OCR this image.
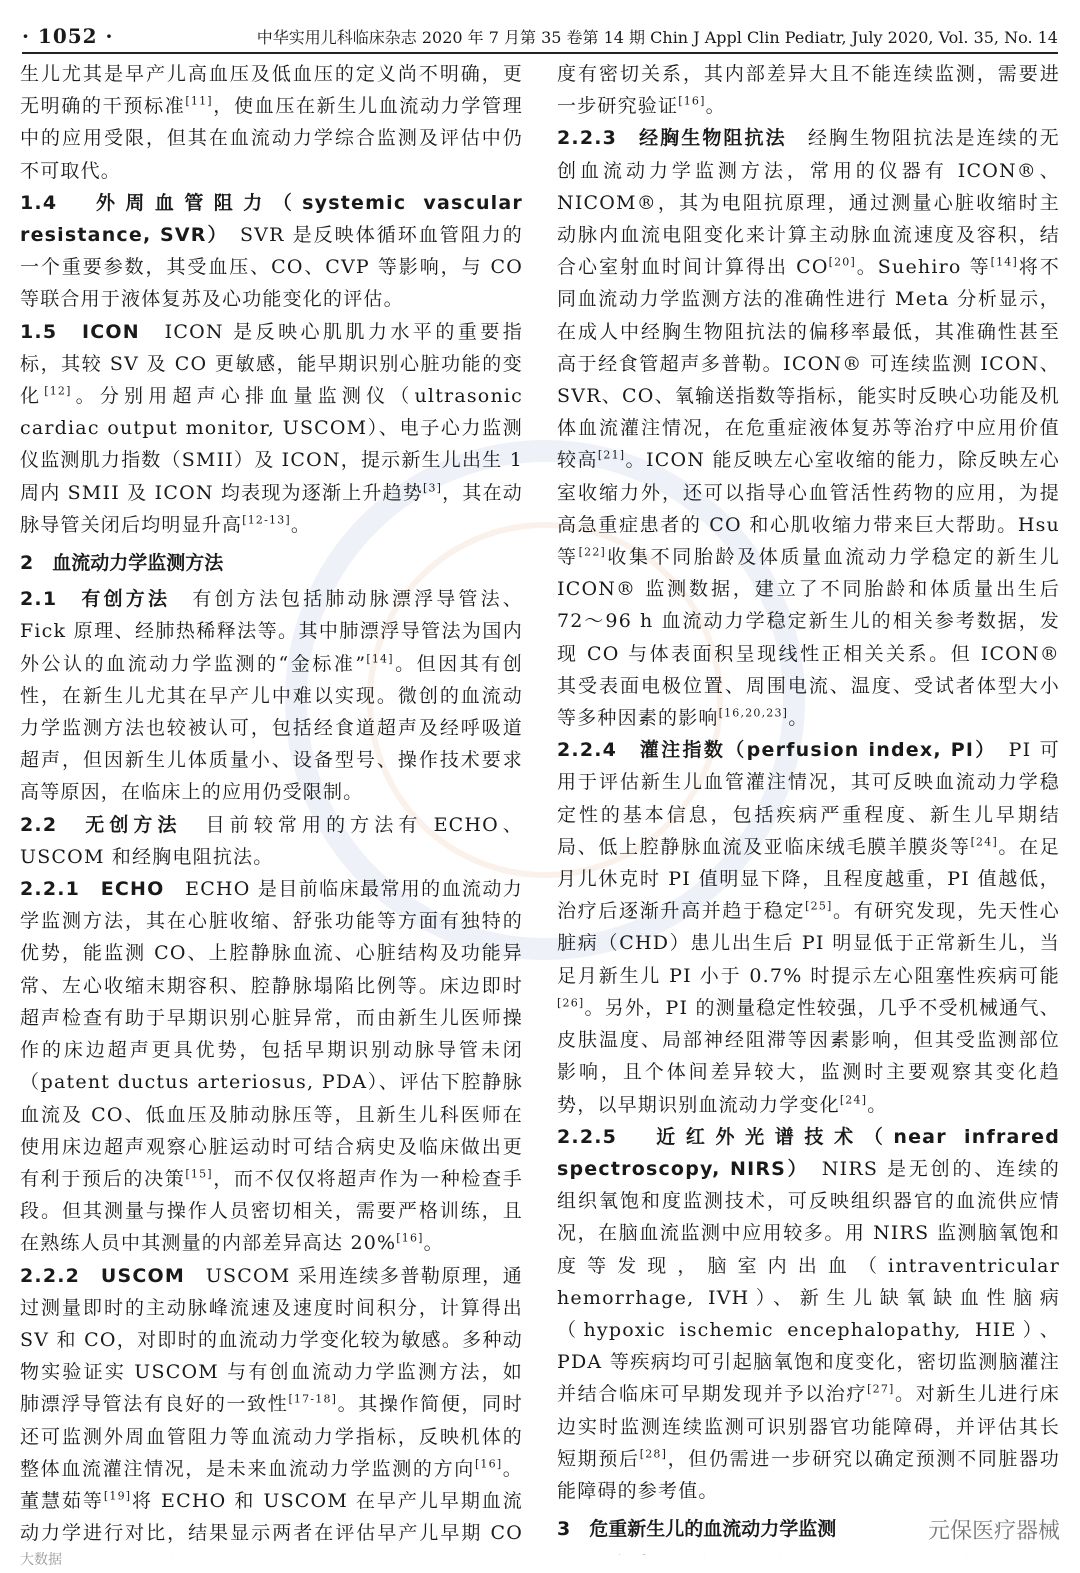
· 1052 ·	中华实用儿科临床杂志 2020 年 7 月第 35 卷第 14 期 Chin J Appl Clin Pediatr, July 2020, Vol. 35, No. 14

生儿尤其是早产儿高血压及低血压的定义尚不明确，更无明确的干预标准[11]，使血压在新生儿血流动力学管理中的应用受限，但其在血流动力学综合监测及评估中仍不可取代。

1.4　外周血管阻力（systemic vascular resistance, SVR）　 SVR 是反映体循环血管阻力的一个重要参数，其受血压、CO、CVP 等影响，与 CO 等联合用于液体复苏及心功能变化的评估。

1.5　ICON　 ICON 是反映心肌肌力水平的重要指标，其较 SV 及 CO 更敏感，能早期识别心脏功能的变化[12]。分别用超声心排血量监测仪（ultrasonic cardiac output monitor, USCOM）、电子心力监测仪监测肌力指数（SMII）及 ICON，提示新生儿出生 1 周内 SMII 及 ICON 均表现为逐渐上升趋势[3]，其在动脉导管关闭后均明显升高[12-13]。

2　血流动力学监测方法

2.1　有创方法　 有创方法包括肺动脉漂浮导管法、Fick 原理、经肺热稀释法等。其中肺漂浮导管法为国内外公认的血流动力学监测的“金标准”[14]。但因其有创性，在新生儿尤其在早产儿中难以实现。微创的血流动力学监测方法也较被认可，包括经食道超声及经呼吸道超声，但因新生儿体质量小、设备型号、操作技术要求高等原因，在临床上的应用仍受限制。

2.2　无创方法　 目前较常用的方法有 ECHO、USCOM 和经胸电阻抗法。

2.2.1　ECHO　 ECHO 是目前临床最常用的血流动力学监测方法，其在心脏收缩、舒张功能等方面有独特的优势，能监测 CO、上腔静脉血流、心脏结构及功能异常、左心收缩末期容积、腔静脉塌陷比例等。床边即时超声检查有助于早期识别心脏异常，而由新生儿医师操作的床边超声更具优势，包括早期识别动脉导管未闭（patent ductus arteriosus, PDA）、评估下腔静脉血流及 CO、低血压及肺动脉压等，且新生儿科医师在使用床边超声观察心脏运动时可结合病史及临床做出更有利于预后的决策[15]，而不仅仅将超声作为一种检查手段。但其测量与操作人员密切相关，需要严格训练，且在熟练人员中其测量的内部差异高达 20%[16]。

2.2.2　USCOM　 USCOM 采用连续多普勒原理，通过测量即时的主动脉峰流速及速度时间积分，计算得出 SV 和 CO，对即时的血流动力学变化较为敏感。多种动物实验证实 USCOM 与有创血流动力学监测方法，如肺漂浮导管法有良好的一致性[17-18]。其操作简便，同时还可监测外周血管阻力等血流动力学指标，反映机体的整体血流灌注情况，是未来血流动力学监测的方向[16]。董慧茹等[19]将 ECHO 和 USCOM 在早产儿早期血流动力学进行对比，结果显示两者在评估早产儿早期 CO

度有密切关系，其内部差异大且不能连续监测，需要进一步研究验证[16]。

2.2.3　经胸生物阻抗法　 经胸生物阻抗法是连续的无创血流动力学监测方法，常用的仪器有 ICON®、NICOM®，其为电阻抗原理，通过测量心脏收缩时主动脉内血流电阻变化来计算主动脉血流速度及容积，结合心室射血时间计算得出 CO[20]。Suehiro 等[14]将不同血流动力学监测方法的准确性进行 Meta 分析显示，在成人中经胸生物阻抗法的偏移率最低，其准确性甚至高于经食管超声多普勒。ICON® 可连续监测 ICON、SVR、CO、氧输送指数等指标，能实时反映心功能及机体血流灌注情况，在危重症液体复苏等治疗中应用价值较高[21]。ICON 能反映左心室收缩的能力，除反映左心室收缩力外，还可以指导心血管活性药物的应用，为提高急重症患者的 CO 和心肌收缩力带来巨大帮助。Hsu 等[22]收集不同胎龄及体质量血流动力学稳定的新生儿 ICON® 监测数据，建立了不同胎龄和体质量出生后 72～96 h 血流动力学稳定新生儿的相关参考数据，发现 CO 与体表面积呈现线性正相关关系。但 ICON® 其受表面电极位置、周围电流、温度、受试者体型大小等多种因素的影响[16,20,23]。

2.2.4　灌注指数（perfusion index, PI）　 PI 可用于评估新生儿血管灌注情况，其可反映血流动力学稳定性的基本信息，包括疾病严重程度、新生儿早期结局、低上腔静脉血流及亚临床绒毛膜羊膜炎等[24]。在足月儿休克时 PI 值明显下降，且程度越重，PI 值越低，治疗后逐渐升高并趋于稳定[25]。有研究发现，先天性心脏病（CHD）患儿出生后 PI 明显低于正常新生儿，当足月新生儿 PI 小于 0.7% 时提示左心阻塞性疾病可能[26]。另外，PI 的测量稳定性较强，几乎不受机械通气、皮肤温度、局部神经阻滞等因素影响，但其受监测部位影响，且个体间差异较大，监测时主要观察其变化趋势，以早期识别血流动力学变化[24]。

2.2.5　近红外光谱技术（near infrared spectroscopy, NIRS）　 NIRS 是无创的、连续的组织氧饱和度监测技术，可反映组织器官的血流供应情况，在脑血流监测中应用较多。用 NIRS 监测脑氧饱和度等发现，脑室内出血（intraventricular hemorrhage, IVH）、新生儿缺氧缺血性脑病（hypoxic ischemic encephalopathy, HIE）、PDA 等疾病均可引起脑氧饱和度变化，密切监测脑灌注并结合临床可早期发现并予以治疗[27]。对新生儿进行床边实时监测连续监测可识别器官功能障碍，并评估其长短期预后[28]，但仍需进一步研究以确定预测不同脏器功能障碍的参考值。

3　危重新生儿的血流动力学监测

大数据
元保医疗器械
